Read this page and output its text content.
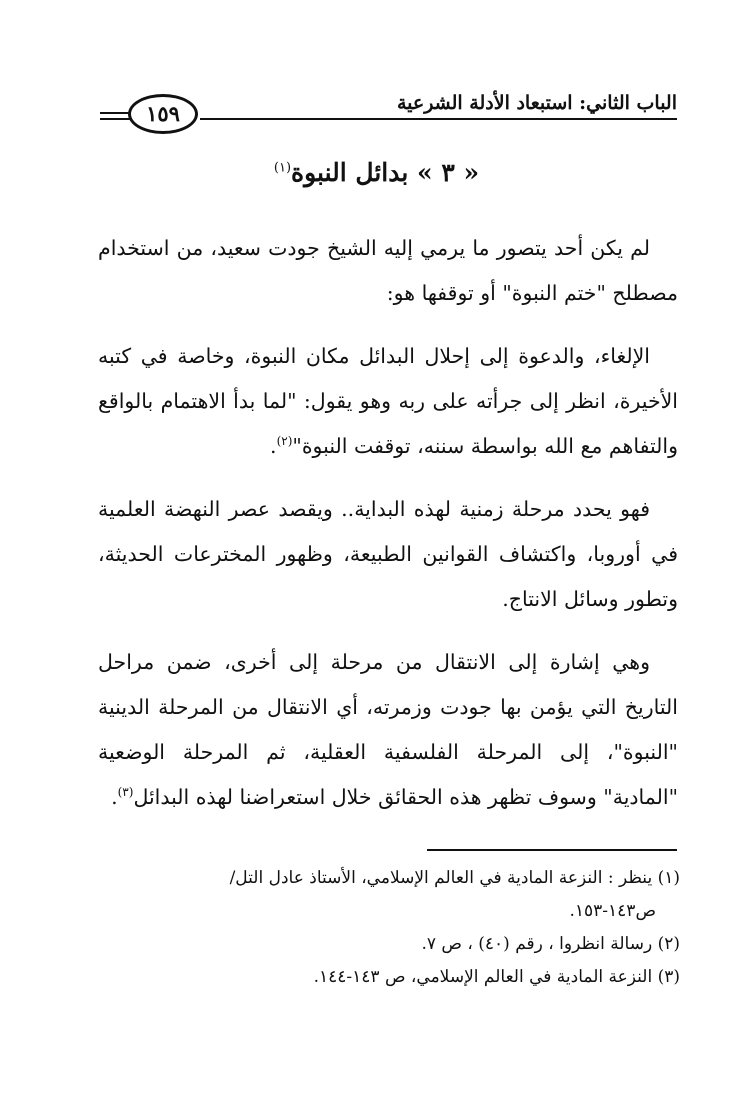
الباب الثاني: استبعاد الأدلة الشرعية
١٥٩
« ٣ » بدائل النبوة$^{(١)}$

لم يكن أحد يتصور ما يرمي إليه الشيخ جودت سعيد، من استخدام مصطلح "ختم النبوة" أو توقفها هو:

الإلغاء، والدعوة إلى إحلال البدائل مكان النبوة، وخاصة في كتبه الأخيرة، انظر إلى جرأته على ربه وهو يقول: "لما بدأ الاهتمام بالواقع والتفاهم مع الله بواسطة سننه، توقفت النبوة"$^{(٢)}$.

فهو يحدد مرحلة زمنية لهذه البداية.. ويقصد عصر النهضة العلمية في أوروبا، واكتشاف القوانين الطبيعة، وظهور المخترعات الحديثة، وتطور وسائل الانتاج.

وهي إشارة إلى الانتقال من مرحلة إلى أخرى، ضمن مراحل التاريخ التي يؤمن بها جودت وزمرته، أي الانتقال من المرحلة الدينية "النبوة"، إلى المرحلة الفلسفية العقلية، ثم المرحلة الوضعية "المادية" وسوف تظهر هذه الحقائق خلال استعراضنا لهذه البدائل$^{(٣)}$.

(١) ينظر : النزعة المادية في العالم الإسلامي، الأستاذ عادل التل/

ص١٤٣-١٥٣.

(٢) رسالة انظروا ، رقم (٤٠) ، ص ٧.

(٣) النزعة المادية في العالم الإسلامي، ص ١٤٣-١٤٤.
